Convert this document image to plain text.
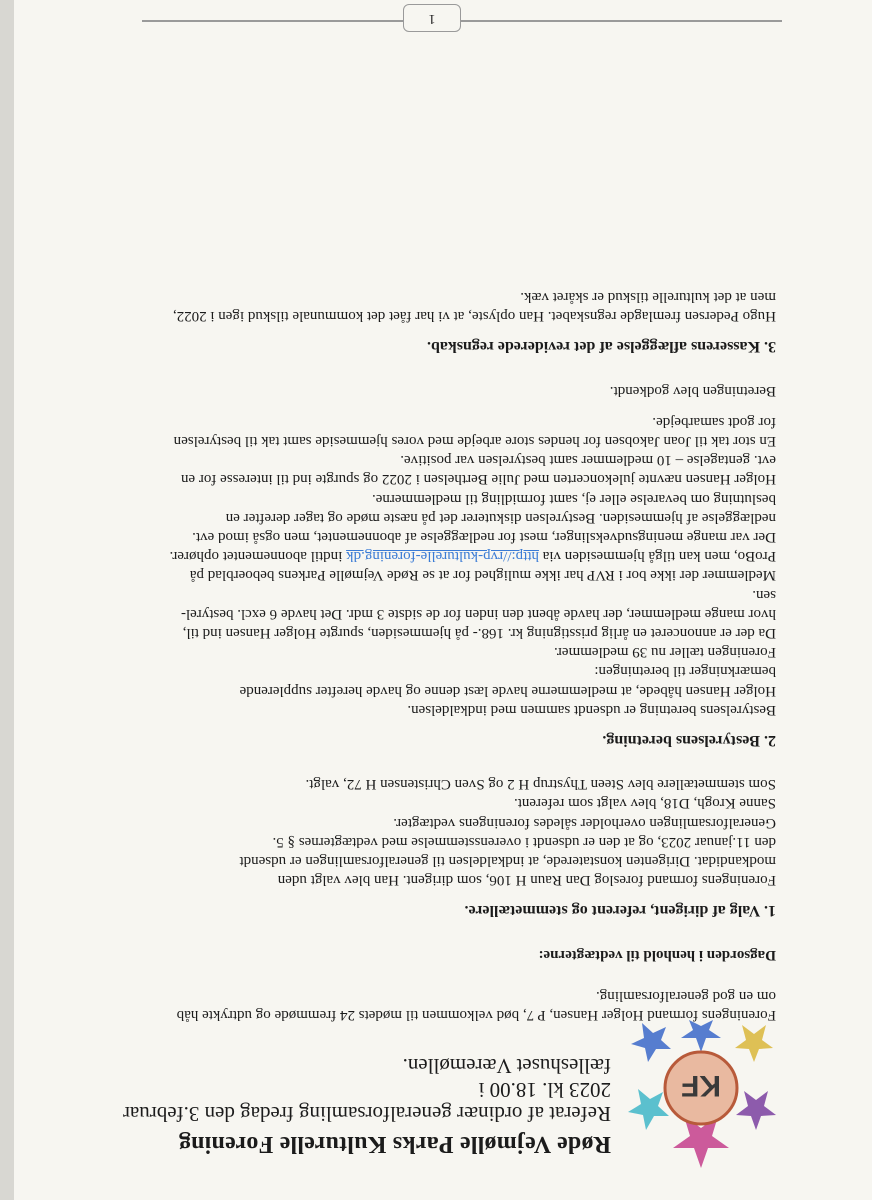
KF
Røde Vejmølle Parks Kulturelle Forening
Referat af ordinær generalforsamling fredag den 3.februar 2023 kl. 18.00 i
fælleshuset Væremøllen.

Foreningens formand Holger Hansen, P 7, bød velkommen til mødets 24 fremmøde og udtrykte håb

om en god generalforsamling.

Dagsorden i henhold til vedtægterne:

1. Valg af dirigent, referent og stemmetællere.

Foreningens formand foreslog Dan Raun H 106, som dirigent. Han blev valgt uden

modkandidat. Dirigenten konstaterede, at indkaldelsen til generalforsamlingen er udsendt

den 11.januar 2023, og at den er udsendt i overensstemmelse med vedtægternes § 5.

Generalforsamlingen overholder således foreningens vedtægter.

Sanne Krogh, D18, blev valgt som referent.

Som stemmetællere blev Steen Thystrup H 2 og Sven Christensen H 72, valgt.

2. Bestyrelsens beretning.

Bestyrelsens beretning er udsendt sammen med indkaldelsen.

Holger Hansen håbede, at medlemmerne havde læst denne og havde herefter supplerende

bemærkninger til beretningen:

Foreningen tæller nu 39 medlemmer.

Da der er annonceret en årlig prisstigning kr. 168.- på hjemmesiden, spurgte Holger Hansen ind til,

hvor mange medlemmer, der havde åbent den inden for de sidste 3 mdr. Det havde 6 excl. bestyrel-

sen.

Medlemmer der ikke bor i RVP har ikke mulighed for at se Røde Vejmølle Parkens beboerblad på

ProBo, men kan tilgå hjemmesiden via http://rvp-kulturelle-forening.dk indtil abonnementet ophører.

Der var mange meningsudvekslinger, mest for nedlæggelse af abonnementet, men også imod evt.

nedlæggelse af hjemmesiden. Bestyrelsen diskuterer det på næste møde og tager derefter en

beslutning om bevarelse eller ej, samt formidling til medlemmerne.

Holger Hansen nævnte julekoncerten med Julie Berthelsen i 2022 og spurgte ind til interesse for en

evt. gentagelse – 10 medlemmer samt bestyrelsen var positive.

En stor tak til Joan Jakobsen for hendes store arbejde med vores hjemmeside samt tak til bestyrelsen

for godt samarbejde.

Beretningen blev godkendt.

3. Kasserens aflæggelse af det reviderede regnskab.

Hugo Pedersen fremlagde regnskabet. Han oplyste, at vi har fået det kommunale tilskud igen i 2022,

men at det kulturelle tilskud er skåret væk.

1
